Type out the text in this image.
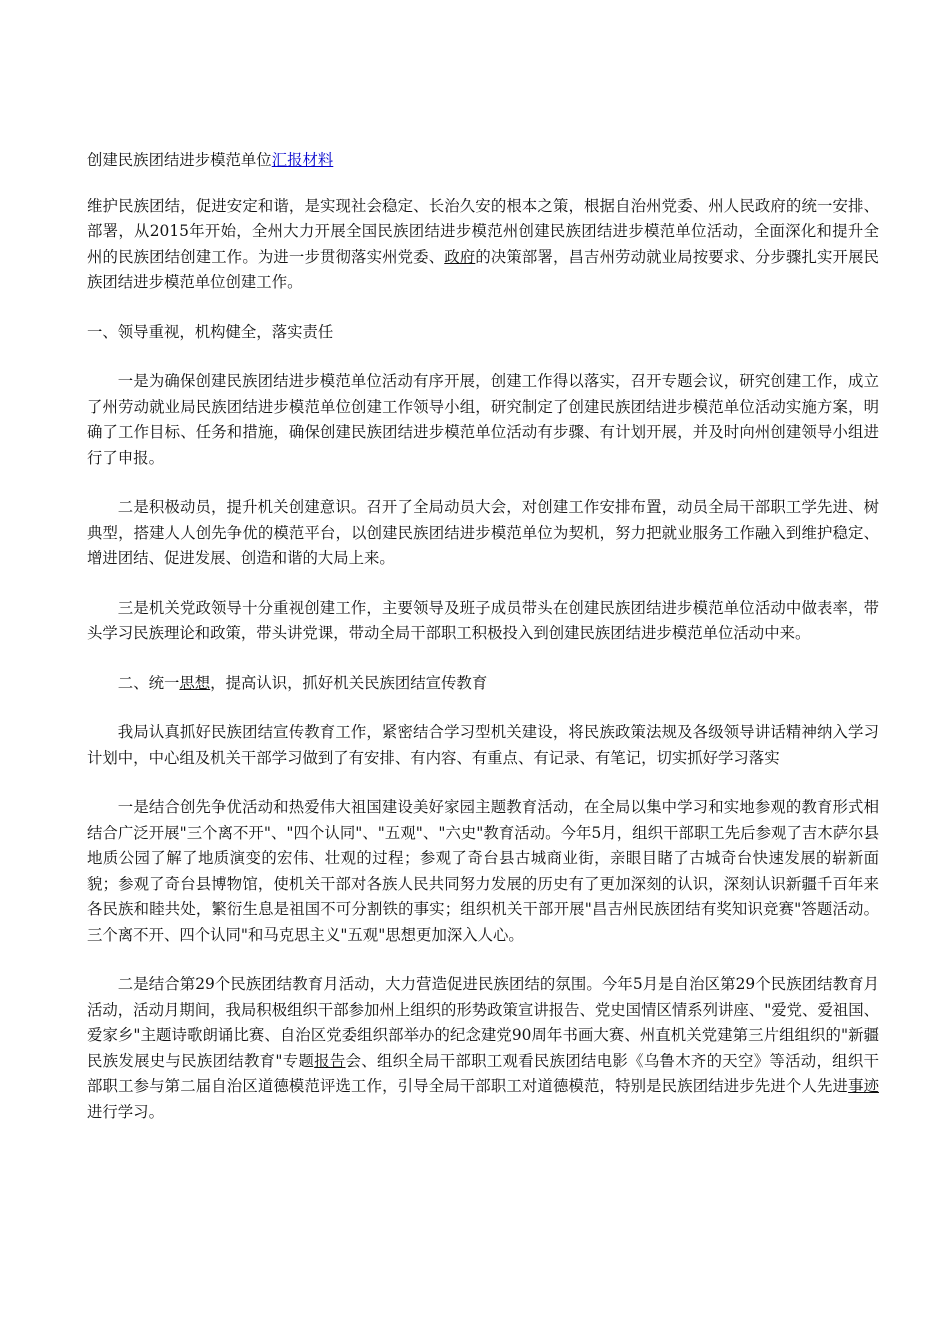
创建民族团结进步模范单位汇报材料

维护民族团结，促进安定和谐，是实现社会稳定、长治久安的根本之策，根据自治州党委、州人民政府的统一安排、部署，从2015年开始，全州大力开展全国民族团结进步模范州创建民族团结进步模范单位活动，全面深化和提升全州的民族团结创建工作。为进一步贯彻落实州党委、政府的决策部署，昌吉州劳动就业局按要求、分步骤扎实开展民族团结进步模范单位创建工作。

一、领导重视，机构健全，落实责任

一是为确保创建民族团结进步模范单位活动有序开展，创建工作得以落实，召开专题会议，研究创建工作，成立了州劳动就业局民族团结进步模范单位创建工作领导小组，研究制定了创建民族团结进步模范单位活动实施方案，明确了工作目标、任务和措施，确保创建民族团结进步模范单位活动有步骤、有计划开展，并及时向州创建领导小组进行了申报。

二是积极动员，提升机关创建意识。召开了全局动员大会，对创建工作安排布置，动员全局干部职工学先进、树典型，搭建人人创先争优的模范平台，以创建民族团结进步模范单位为契机，努力把就业服务工作融入到维护稳定、增进团结、促进发展、创造和谐的大局上来。

三是机关党政领导十分重视创建工作，主要领导及班子成员带头在创建民族团结进步模范单位活动中做表率，带头学习民族理论和政策，带头讲党课，带动全局干部职工积极投入到创建民族团结进步模范单位活动中来。

二、统一思想，提高认识，抓好机关民族团结宣传教育

我局认真抓好民族团结宣传教育工作，紧密结合学习型机关建设，将民族政策法规及各级领导讲话精神纳入学习计划中，中心组及机关干部学习做到了有安排、有内容、有重点、有记录、有笔记，切实抓好学习落实

一是结合创先争优活动和热爱伟大祖国建设美好家园主题教育活动，在全局以集中学习和实地参观的教育形式相结合广泛开展"三个离不开"、"四个认同"、"五观"、"六史"教育活动。今年5月，组织干部职工先后参观了吉木萨尔县地质公园了解了地质演变的宏伟、壮观的过程；参观了奇台县古城商业街，亲眼目睹了古城奇台快速发展的崭新面貌；参观了奇台县博物馆，使机关干部对各族人民共同努力发展的历史有了更加深刻的认识，深刻认识新疆千百年来各民族和睦共处，繁衍生息是祖国不可分割铁的事实；组织机关干部开展"昌吉州民族团结有奖知识竞赛"答题活动。三个离不开、四个认同"和马克思主义"五观"思想更加深入人心。

二是结合第29个民族团结教育月活动，大力营造促进民族团结的氛围。今年5月是自治区第29个民族团结教育月活动，活动月期间，我局积极组织干部参加州上组织的形势政策宣讲报告、党史国情区情系列讲座、"爱党、爱祖国、爱家乡"主题诗歌朗诵比赛、自治区党委组织部举办的纪念建党90周年书画大赛、州直机关党建第三片组组织的"新疆民族发展史与民族团结教育"专题报告会、组织全局干部职工观看民族团结电影《乌鲁木齐的天空》等活动，组织干部职工参与第二届自治区道德模范评选工作，引导全局干部职工对道德模范，特别是民族团结进步先进个人先进事迹进行学习。
